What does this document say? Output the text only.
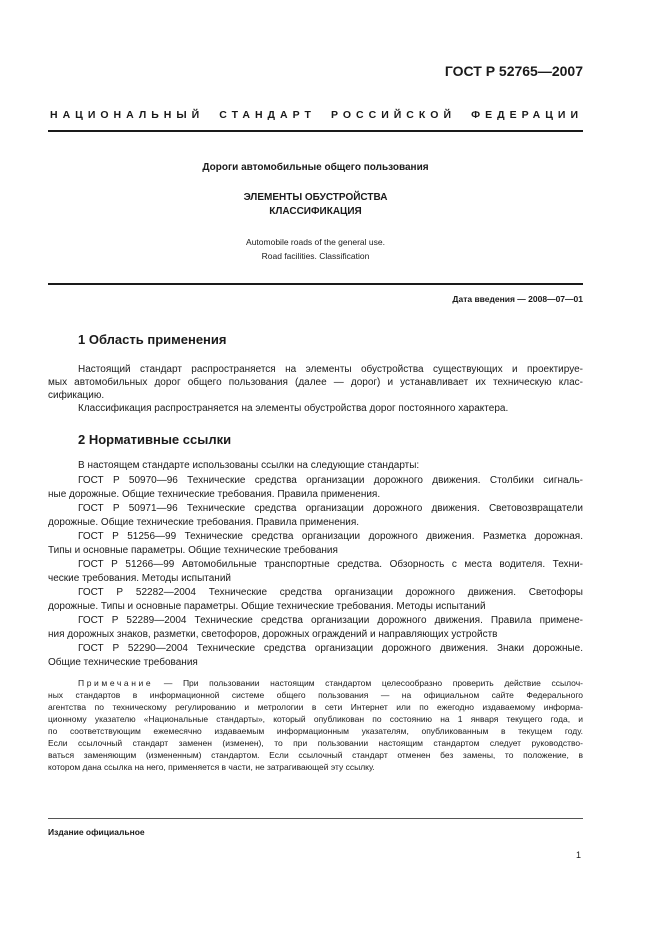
ГОСТ Р 52765—2007
НАЦИОНАЛЬНЫЙ СТАНДАРТ РОССИЙСКОЙ ФЕДЕРАЦИИ
Дороги автомобильные общего пользования
ЭЛЕМЕНТЫ ОБУСТРОЙСТВА
КЛАССИФИКАЦИЯ
Automobile roads of the general use.
Road facilities. Classification
Дата введения — 2008—07—01
1 Область применения
Настоящий стандарт распространяется на элементы обустройства существующих и проектируе-
мых автомобильных дорог общего пользования (далее — дорог) и устанавливает их техническую клас-
сификацию.
Классификация распространяется на элементы обустройства дорог постоянного характера.
2 Нормативные ссылки
В настоящем стандарте использованы ссылки на следующие стандарты:
ГОСТ Р 50970—96 Технические средства организации дорожного движения. Столбики сигналь-
ные дорожные. Общие технические требования. Правила применения.
ГОСТ Р 50971—96 Технические средства организации дорожного движения. Световозвращатели
дорожные. Общие технические требования. Правила применения.
ГОСТ Р 51256—99 Технические средства организации дорожного движения. Разметка дорожная.
Типы и основные параметры. Общие технические требования
ГОСТ Р 51266—99 Автомобильные транспортные средства. Обзорность с места водителя. Техни-
ческие требования. Методы испытаний
ГОСТ Р 52282—2004 Технические средства организации дорожного движения. Светофоры
дорожные. Типы и основные параметры. Общие технические требования. Методы испытаний
ГОСТ Р 52289—2004 Технические средства организации дорожного движения. Правила примене-
ния дорожных знаков, разметки, светофоров, дорожных ограждений и направляющих устройств
ГОСТ Р 52290—2004 Технические средства организации дорожного движения. Знаки дорожные.
Общие технические требования
Примечание — При пользовании настоящим стандартом целесообразно проверить действие ссылоч-
ных стандартов в информационной системе общего пользования — на официальном сайте Федерального
агентства по техническому регулированию и метрологии в сети Интернет или по ежегодно издаваемому информа-
ционному указателю «Национальные стандарты», который опубликован по состоянию на 1 января текущего года, и
по соответствующим ежемесячно издаваемым информационным указателям, опубликованным в текущем году.
Если ссылочный стандарт заменен (изменен), то при пользовании настоящим стандартом следует руководство-
ваться заменяющим (измененным) стандартом. Если ссылочный стандарт отменен без замены, то положение, в
котором дана ссылка на него, применяется в части, не затрагивающей эту ссылку.
Издание официальное
1
